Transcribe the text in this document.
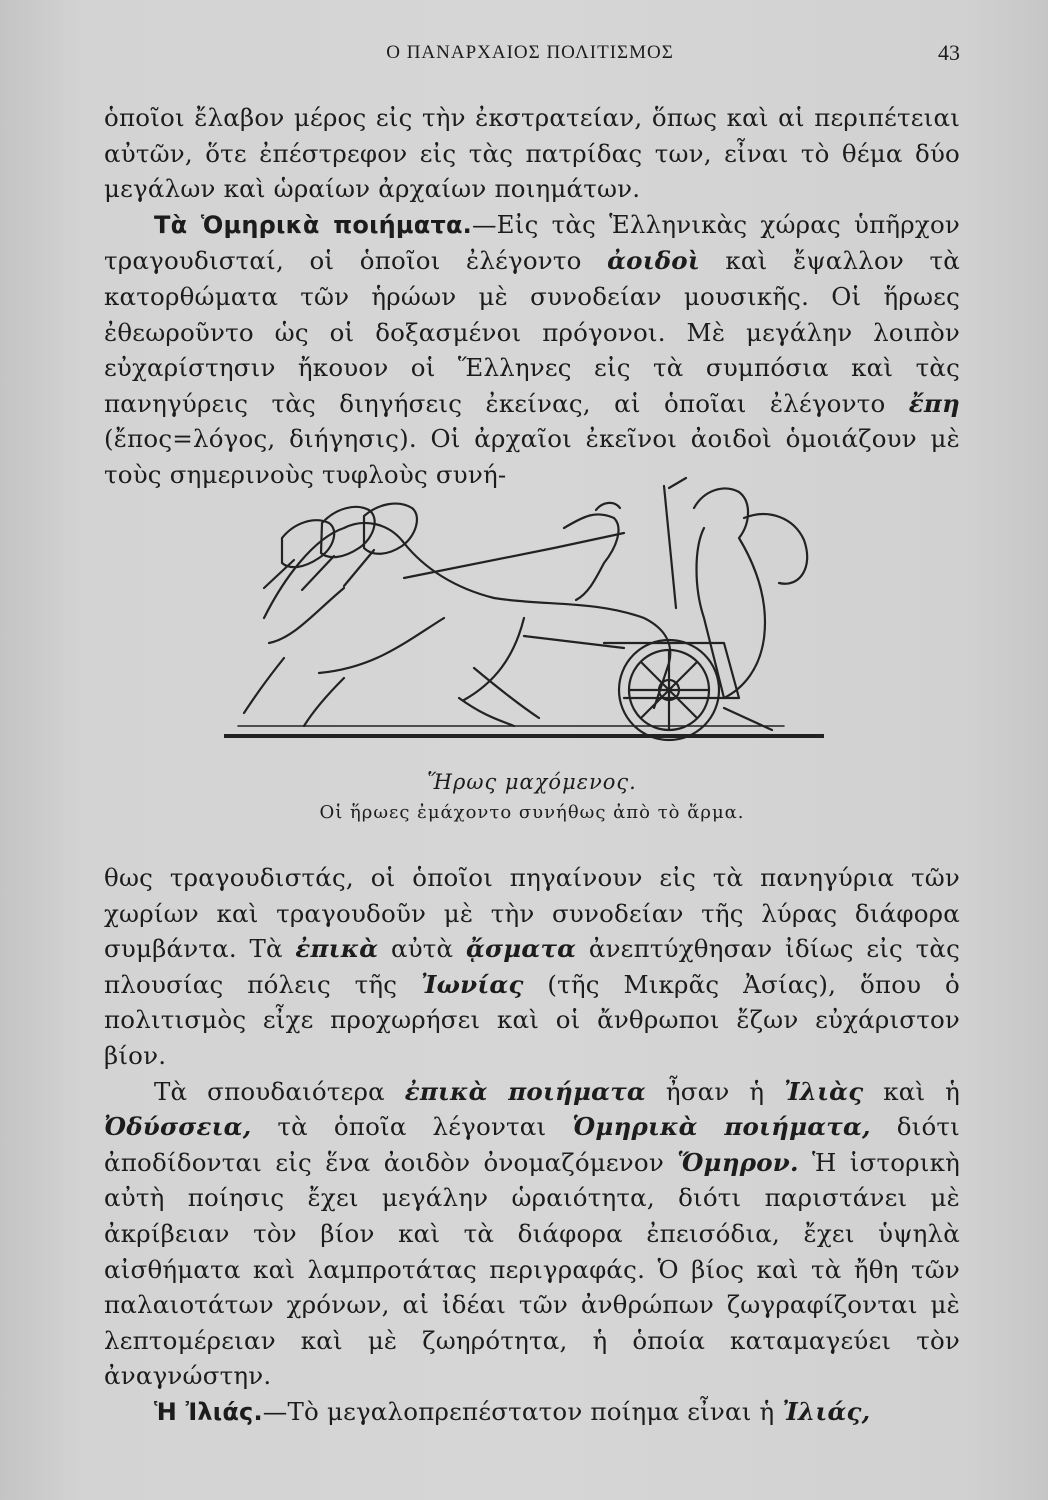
Ο ΠΑΝΑΡΧΑΙΟΣ ΠΟΛΙΤΙΣΜΟΣ	43

ὁποῖοι ἔλαβον μέρος εἰς τὴν ἐκστρατείαν, ὅπως καὶ αἱ περιπέτειαι αὐτῶν, ὅτε ἐπέστρεφον εἰς τὰς πατρίδας των, εἶναι τὸ θέμα δύο μεγάλων καὶ ὡραίων ἀρχαίων ποιημάτων.

Τὰ Ὁμηρικὰ ποιήματα.—Εἰς τὰς Ἑλληνικὰς χώρας ὑπῆρχον τραγουδισταί, οἱ ὁποῖοι ἐλέγοντο ἀοιδοὶ καὶ ἔψαλλον τὰ κατορθώματα τῶν ἡρώων μὲ συνοδείαν μουσικῆς. Οἱ ἥρωες ἐθεωροῦντο ὡς οἱ δοξασμένοι πρόγονοι. Μὲ μεγάλην λοιπὸν εὐχαρίστησιν ἤκουον οἱ Ἕλληνες εἰς τὰ συμπόσια καὶ τὰς πανηγύρεις τὰς διηγήσεις ἐκείνας, αἱ ὁποῖαι ἐλέγοντο ἔπη (ἔπος=λόγος, διήγησις). Οἱ ἀρχαῖοι ἐκεῖνοι ἀοιδοὶ ὁμοιάζουν μὲ τοὺς σημερινοὺς τυφλοὺς συνή-

Ἥρως μαχόμενος.
Οἱ ἥρωες ἐμάχοντο συνήθως ἀπὸ τὸ ἅρμα.

θως τραγουδιστάς, οἱ ὁποῖοι πηγαίνουν εἰς τὰ πανηγύρια τῶν χωρίων καὶ τραγουδοῦν μὲ τὴν συνοδείαν τῆς λύρας διάφορα συμβάντα. Τὰ ἐπικὰ αὐτὰ ᾄσματα ἀνεπτύχθησαν ἰδίως εἰς τὰς πλουσίας πόλεις τῆς Ἰωνίας (τῆς Μικρᾶς Ἀσίας), ὅπου ὁ πολιτισμὸς εἶχε προχωρήσει καὶ οἱ ἄνθρωποι ἔζων εὐχάριστον βίον.

Τὰ σπουδαιότερα ἐπικὰ ποιήματα ἦσαν ἡ Ἰλιὰς καὶ ἡ Ὀδύσσεια, τὰ ὁποῖα λέγονται Ὁμηρικὰ ποιήματα, διότι ἀποδίδονται εἰς ἕνα ἀοιδὸν ὀνομαζόμενον Ὅμηρον. Ἡ ἱστορικὴ αὐτὴ ποίησις ἔχει μεγάλην ὡραιότητα, διότι παριστάνει μὲ ἀκρίβειαν τὸν βίον καὶ τὰ διάφορα ἐπεισόδια, ἔχει ὑψηλὰ αἰσθήματα καὶ λαμπροτάτας περιγραφάς. Ὁ βίος καὶ τὰ ἤθη τῶν παλαιοτάτων χρόνων, αἱ ἰδέαι τῶν ἀνθρώπων ζωγραφίζονται μὲ λεπτομέρειαν καὶ μὲ ζωηρότητα, ἡ ὁποία καταμαγεύει τὸν ἀναγνώστην.

Ἡ Ἰλιάς.—Τὸ μεγαλοπρεπέστατον ποίημα εἶναι ἡ Ἰλιάς,
